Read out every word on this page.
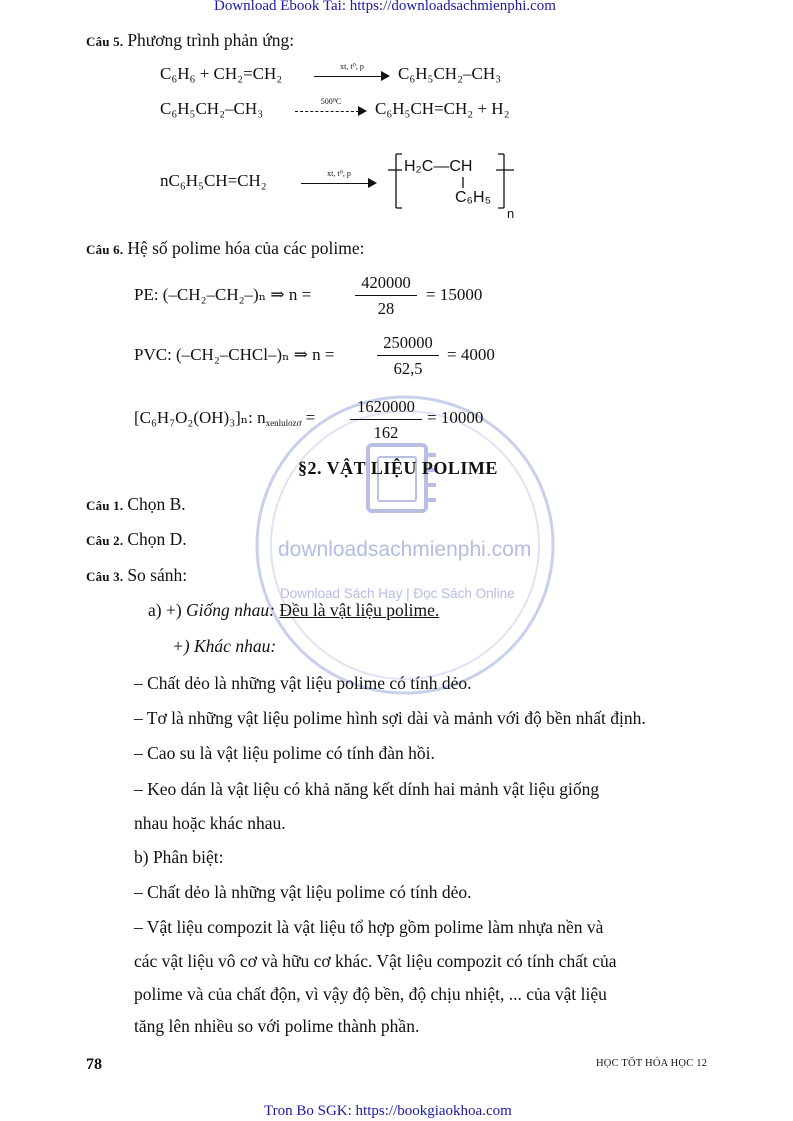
downloadsachmienphi.com
Download Sách Hay | Đọc Sách Online
Download Ebook Tai: https://downloadsachmienphi.com
Câu 5. Phương trình phản ứng:
C₆H₆ + CH₂=CH₂	xt, t⁰, p	C₆H₅CH₂–CH₃
C₆H₅CH₂–CH₃	500⁰C	C₆H₅CH=CH₂ + H₂
nC₆H₅CH=CH₂	xt, t⁰, p	H₂C—CH
C₆H₅
n
Câu 6. Hệ số polime hóa của các polime:
PE: (–CH₂–CH₂–)ₙ ⇒ n =	$\frac{420000}{28} = 15000$
PVC: (–CH₂–CHCl–)ₙ ⇒ n =	$\frac{250000}{62,5} = 4000$
[C₆H₇O₂(OH)₃]ₙ: $n_{xenlulozơ} = \frac{1620000}{162} = 10000$
§2. VẬT LIỆU POLIME
Câu 1. Chọn B.
Câu 2. Chọn D.
Câu 3. So sánh:
a) +) Giống nhau: Đều là vật liệu polime.
+) Khác nhau:
– Chất dẻo là những vật liệu polime có tính dẻo.
– Tơ là những vật liệu polime hình sợi dài và mảnh với độ bền nhất định.
– Cao su là vật liệu polime có tính đàn hồi.
– Keo dán là vật liệu có khả năng kết dính hai mảnh vật liệu giống
nhau hoặc khác nhau.
b) Phân biệt:
– Chất dẻo là những vật liệu polime có tính dẻo.
– Vật liệu compozit là vật liệu tổ hợp gồm polime làm nhựa nền và
các vật liệu vô cơ và hữu cơ khác. Vật liệu compozit có tính chất của
polime và của chất độn, vì vậy độ bền, độ chịu nhiệt, ... của vật liệu
tăng lên nhiều so với polime thành phần.
78	HỌC TỐT HÓA HỌC 12
Tron Bo SGK: https://bookgiaokhoa.com
